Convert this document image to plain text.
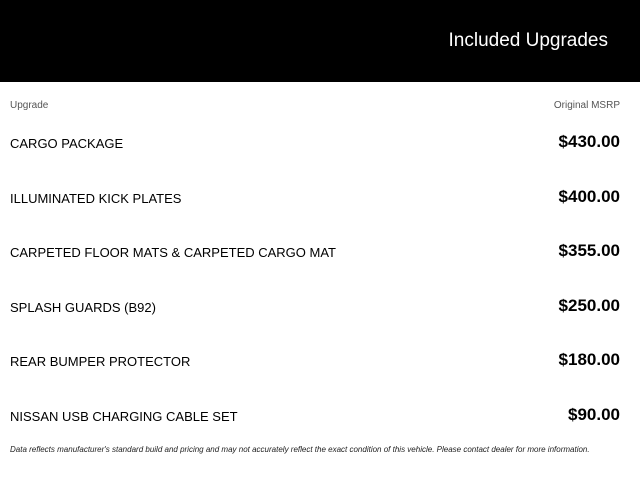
Included Upgrades
Upgrade	Original MSRP
CARGO PACKAGE	$430.00
ILLUMINATED KICK PLATES	$400.00
CARPETED FLOOR MATS & CARPETED CARGO MAT	$355.00
SPLASH GUARDS (B92)	$250.00
REAR BUMPER PROTECTOR	$180.00
NISSAN USB CHARGING CABLE SET	$90.00
Data reflects manufacturer's standard build and pricing and may not accurately reflect the exact condition of this vehicle. Please contact dealer for more information.
